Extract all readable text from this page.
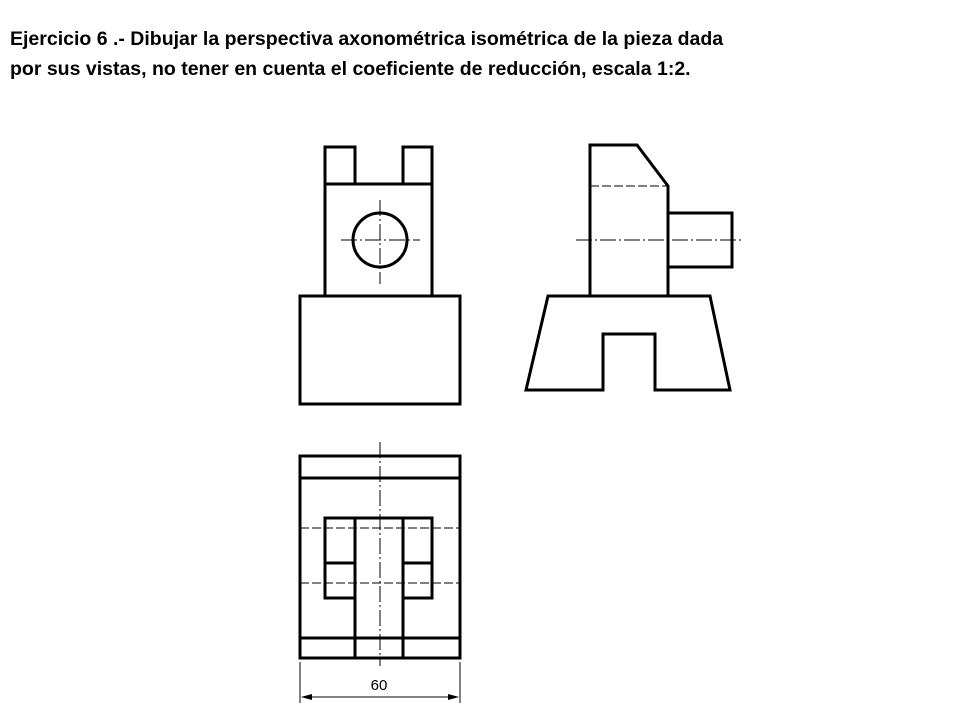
Ejercicio 6 .- Dibujar la perspectiva axonométrica isométrica de la pieza dada
por sus vistas, no tener en cuenta el coeficiente de reducción, escala 1:2.
60
